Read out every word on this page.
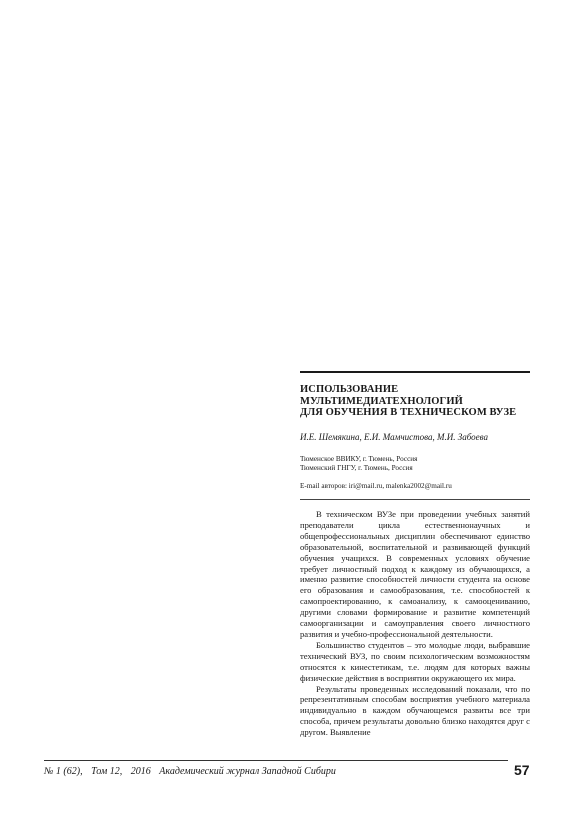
ИСПОЛЬЗОВАНИЕ
МУЛЬТИМЕДИАТЕХНОЛОГИЙ
ДЛЯ ОБУЧЕНИЯ В ТЕХНИЧЕСКОМ ВУЗЕ
И.Е. Шемякина, Е.И. Мамчистова, М.И. Забоева
Тюменское ВВИКУ, г. Тюмень, Россия
Тюменский ГНГУ, г. Тюмень, Россия
E-mail авторов: iri@mail.ru, malenka2002@mail.ru

В техническом ВУЗе при проведении учебных занятий преподаватели цикла естественнонаучных и общепрофессиональных дисциплин обеспечивают единство образовательной, воспитательной и развивающей функций обучения учащихся. В современных условиях обучение требует личностный подход к каждому из обучающихся, а именно развитие способностей личности студента на основе его образования и самообразования, т.е. способностей к самопроектированию, к самоанализу, к самооцениванию, другими словами формирование и развитие компетенций самоорганизации и самоуправления своего личностного развития и учебно-профессиональной деятельности.

Большинство студентов – это молодые люди, выбравшие технический ВУЗ, по своим психологическим возможностям относятся к кинестетикам, т.е. людям для которых важны физические действия в восприятии окружающего их мира.

Результаты проведенных исследований показали, что по репрезентативным способам восприятия учебного материала индивидуально в каждом обучающемся развиты все три способа, причем результаты довольно близко находятся друг с другом. Выявление

№ 1 (62), Том 12, 2016 Академический журнал Западной Сибири	57
